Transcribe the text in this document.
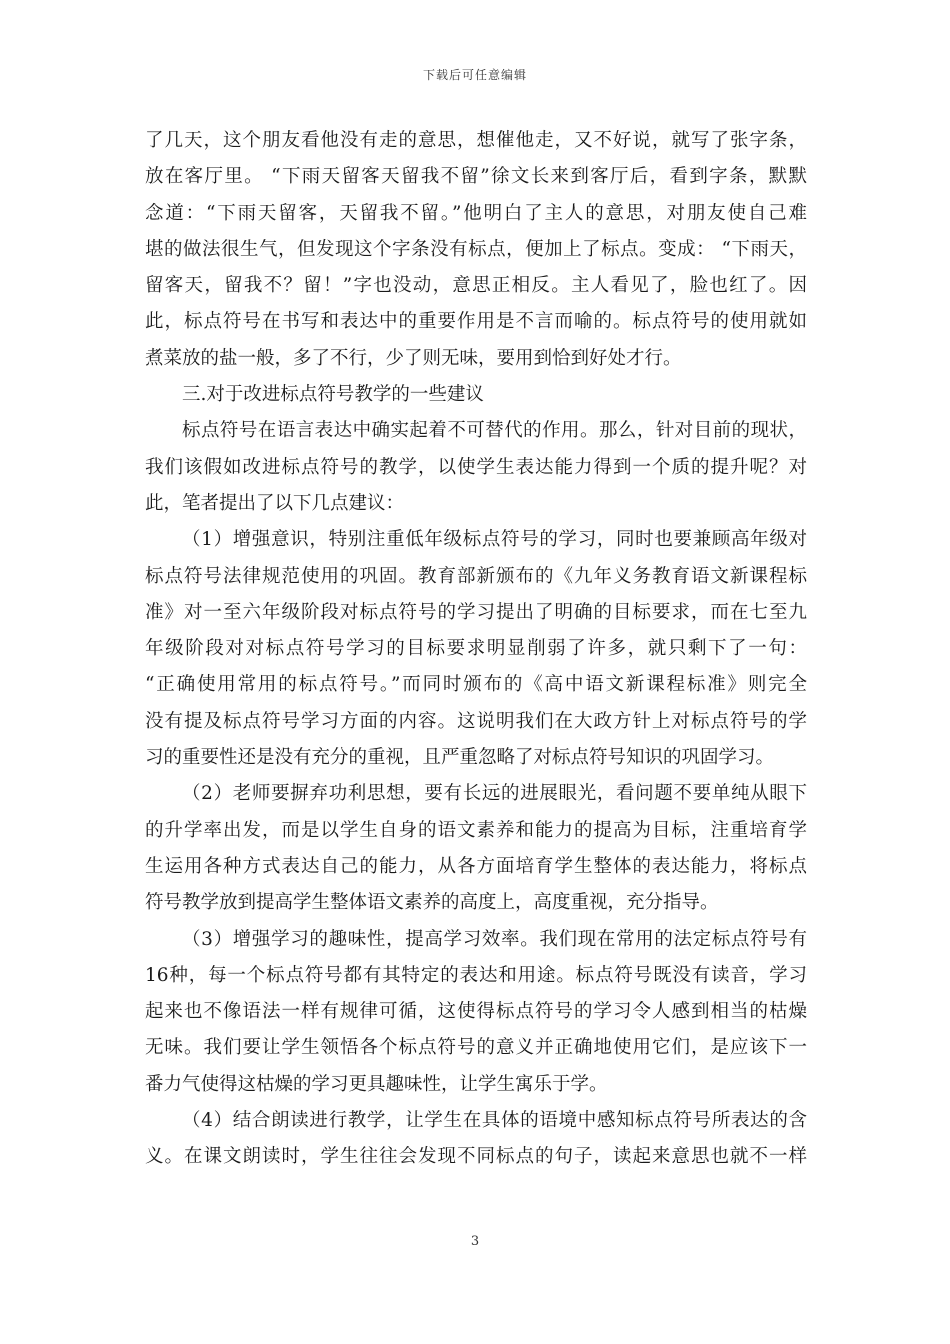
下载后可任意编辑
了几天，这个朋友看他没有走的意思，想催他走，又不好说，就写了张字条，
放在客厅里。 “下雨天留客天留我不留”徐文长来到客厅后，看到字条，默默
念道：“下雨天留客，天留我不留。”他明白了主人的意思，对朋友使自己难
堪的做法很生气，但发现这个字条没有标点，便加上了标点。变成： “下雨天，
留客天，留我不？留！”字也没动，意思正相反。主人看见了，脸也红了。因
此，标点符号在书写和表达中的重要作用是不言而喻的。标点符号的使用就如
煮菜放的盐一般，多了不行，少了则无味，要用到恰到好处才行。
三.对于改进标点符号教学的一些建议
标点符号在语言表达中确实起着不可替代的作用。那么，针对目前的现状，
我们该假如改进标点符号的教学，以使学生表达能力得到一个质的提升呢？对
此，笔者提出了以下几点建议：
（1）增强意识，特别注重低年级标点符号的学习，同时也要兼顾高年级对
标点符号法律规范使用的巩固。教育部新颁布的《九年义务教育语文新课程标
准》对一至六年级阶段对标点符号的学习提出了明确的目标要求，而在七至九
年级阶段对对标点符号学习的目标要求明显削弱了许多，就只剩下了一句：
“正确使用常用的标点符号。”而同时颁布的《高中语文新课程标准》则完全
没有提及标点符号学习方面的内容。这说明我们在大政方针上对标点符号的学
习的重要性还是没有充分的重视，且严重忽略了对标点符号知识的巩固学习。
（2）老师要摒弃功利思想，要有长远的进展眼光，看问题不要单纯从眼下
的升学率出发，而是以学生自身的语文素养和能力的提高为目标，注重培育学
生运用各种方式表达自己的能力，从各方面培育学生整体的表达能力，将标点
符号教学放到提高学生整体语文素养的高度上，高度重视，充分指导。
（3）增强学习的趣味性，提高学习效率。我们现在常用的法定标点符号有
16种，每一个标点符号都有其特定的表达和用途。标点符号既没有读音，学习
起来也不像语法一样有规律可循，这使得标点符号的学习令人感到相当的枯燥
无味。我们要让学生领悟各个标点符号的意义并正确地使用它们，是应该下一
番力气使得这枯燥的学习更具趣味性，让学生寓乐于学。
（4）结合朗读进行教学，让学生在具体的语境中感知标点符号所表达的含
义。在课文朗读时，学生往往会发现不同标点的句子，读起来意思也就不一样
3
